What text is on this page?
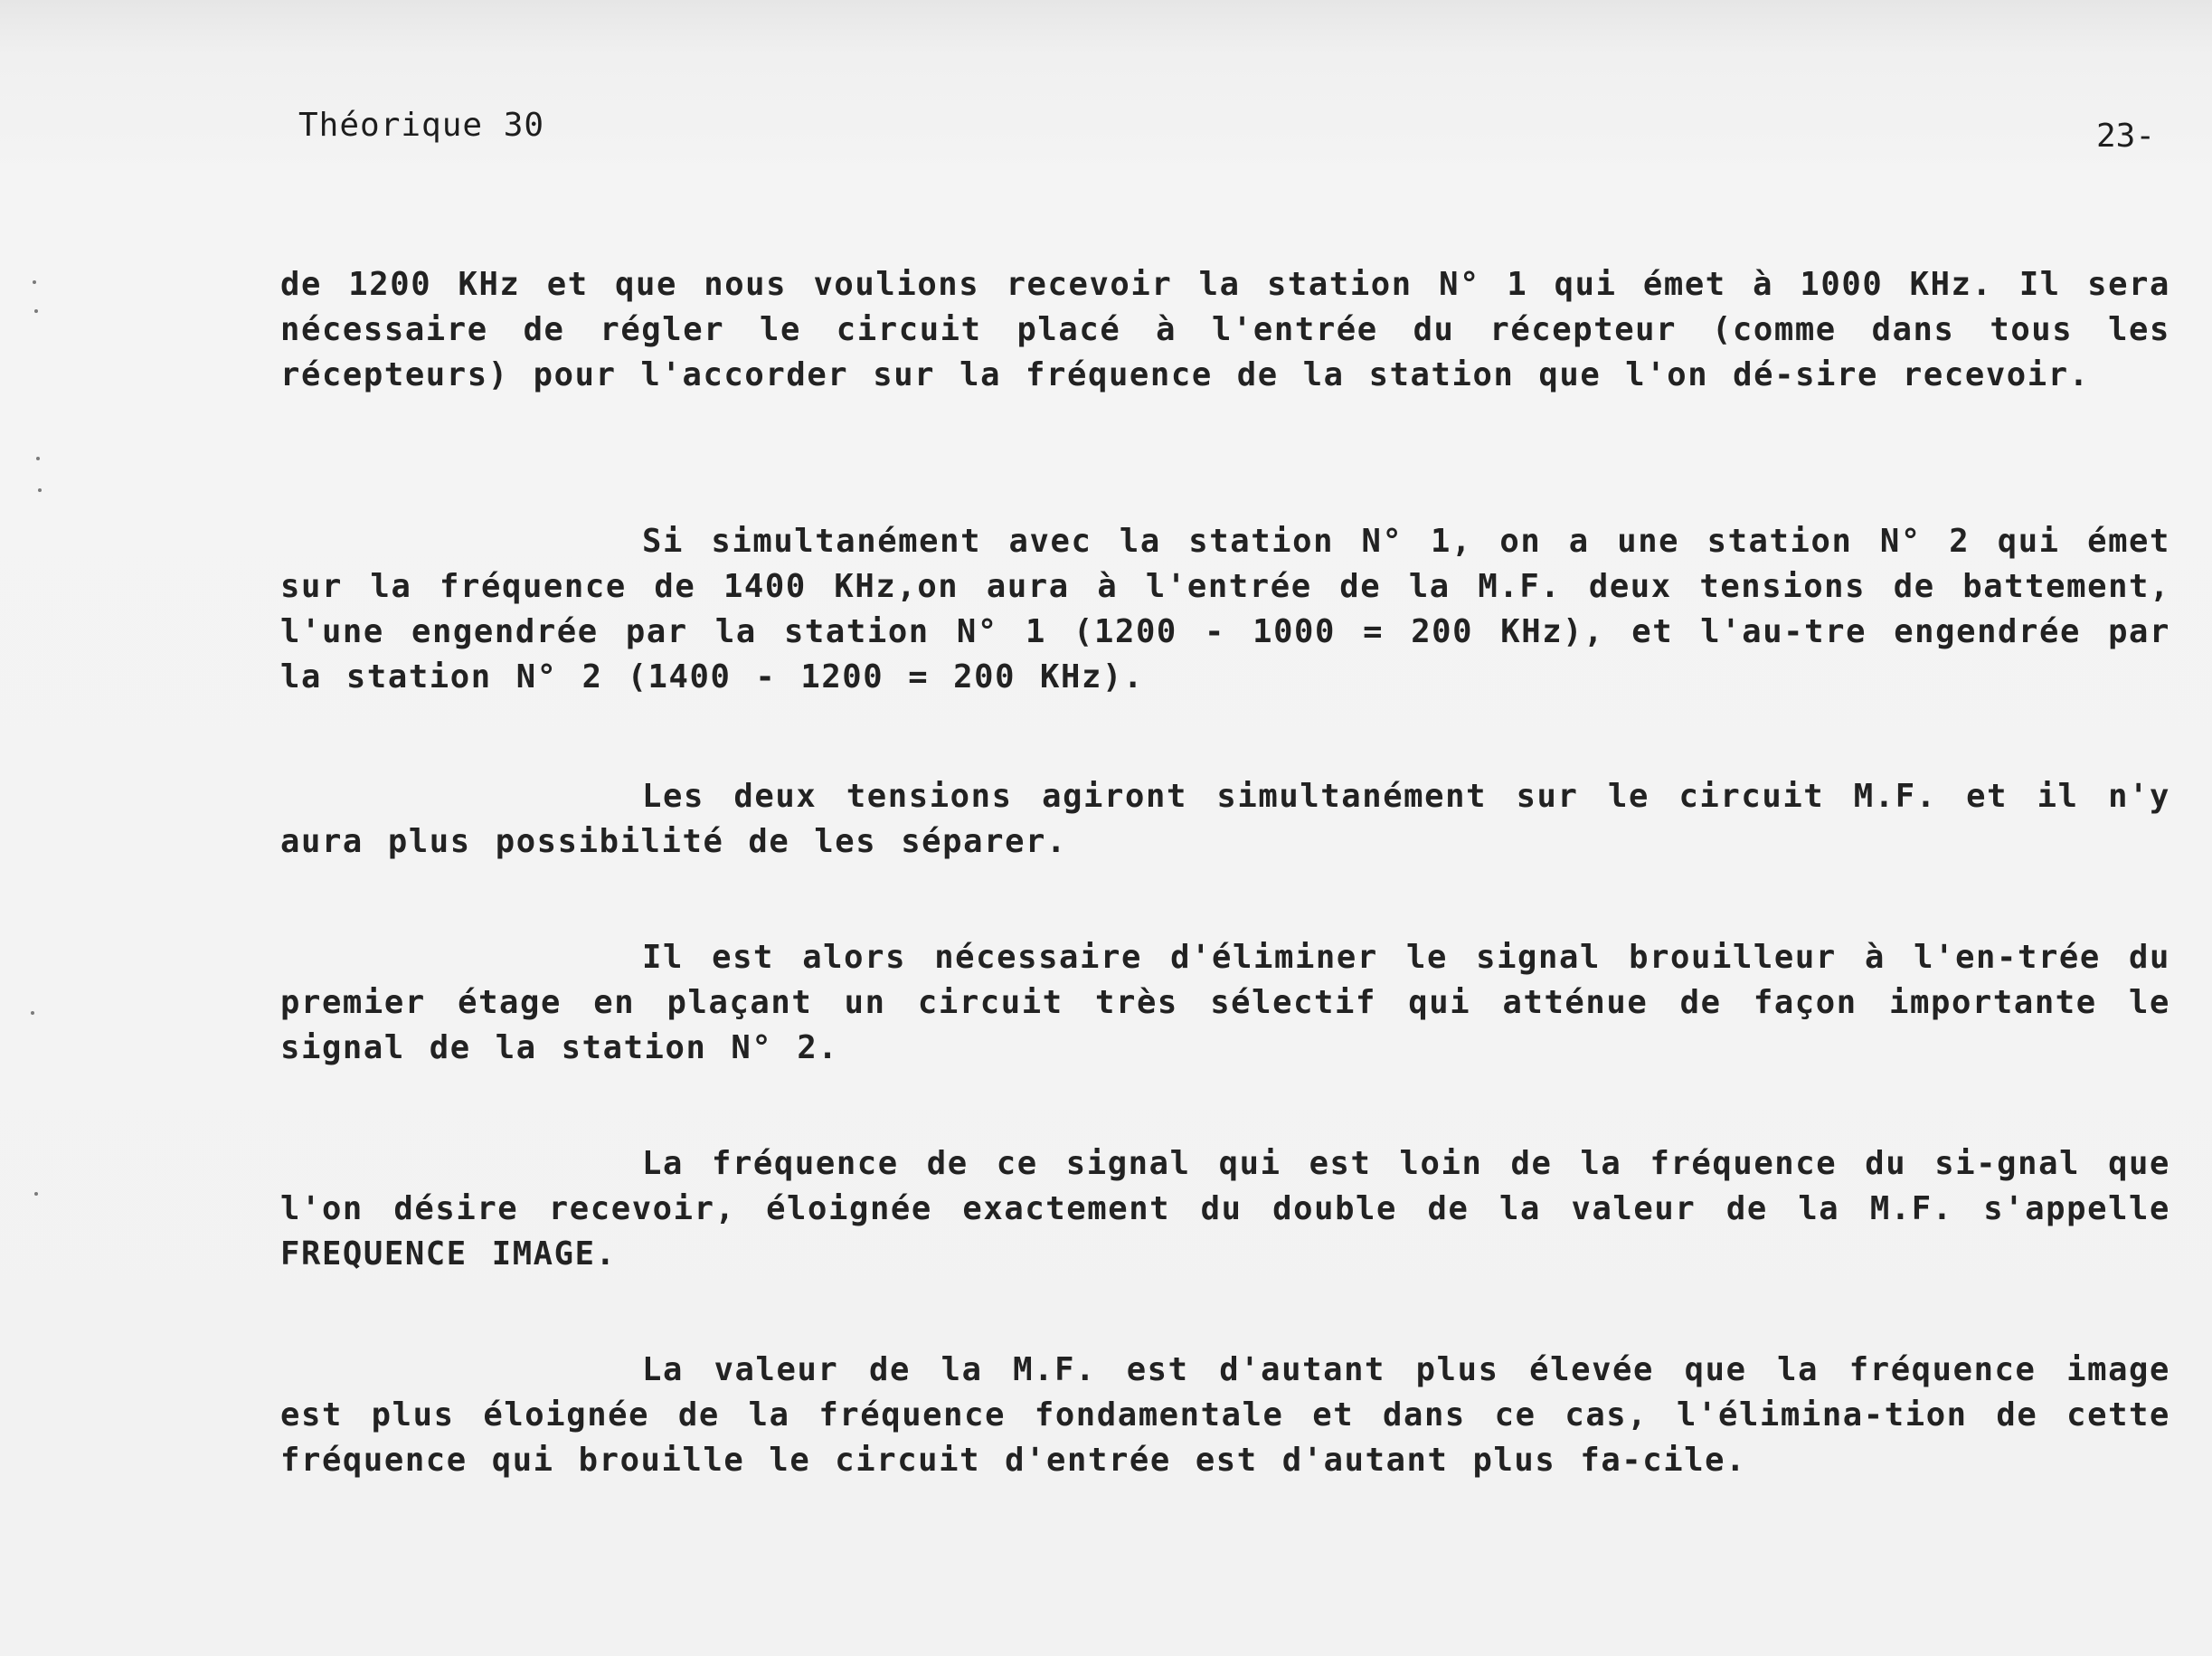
Théorique 30	23-

de 1200 KHz et que nous voulions recevoir la station N° 1 qui émet à 1000 KHz. Il sera nécessaire de régler le circuit placé à l'entrée du récepteur (comme dans tous les récepteurs) pour l'accorder sur la fréquence de la station que l'on dé-sire recevoir.

Si simultanément avec la station N° 1, on a une station N° 2 qui émet sur la fréquence de 1400 KHz,on aura à l'entrée de la M.F. deux tensions de battement, l'une engendrée par la station N° 1 (1200 - 1000 = 200 KHz), et l'au-tre engendrée par la station N° 2 (1400 - 1200 = 200 KHz).

Les deux tensions agiront simultanément sur le circuit M.F. et il n'y aura plus possibilité de les séparer.

Il est alors nécessaire d'éliminer le signal brouilleur à l'en-trée du premier étage en plaçant un circuit très sélectif qui atténue de façon importante le signal de la station N° 2.

La fréquence de ce signal qui est loin de la fréquence du si-gnal que l'on désire recevoir, éloignée exactement du double de la valeur de la M.F. s'appelle FREQUENCE IMAGE.

La valeur de la M.F. est d'autant plus élevée que la fréquence image est plus éloignée de la fréquence fondamentale et dans ce cas, l'élimina-tion de cette fréquence qui brouille le circuit d'entrée est d'autant plus fa-cile.
